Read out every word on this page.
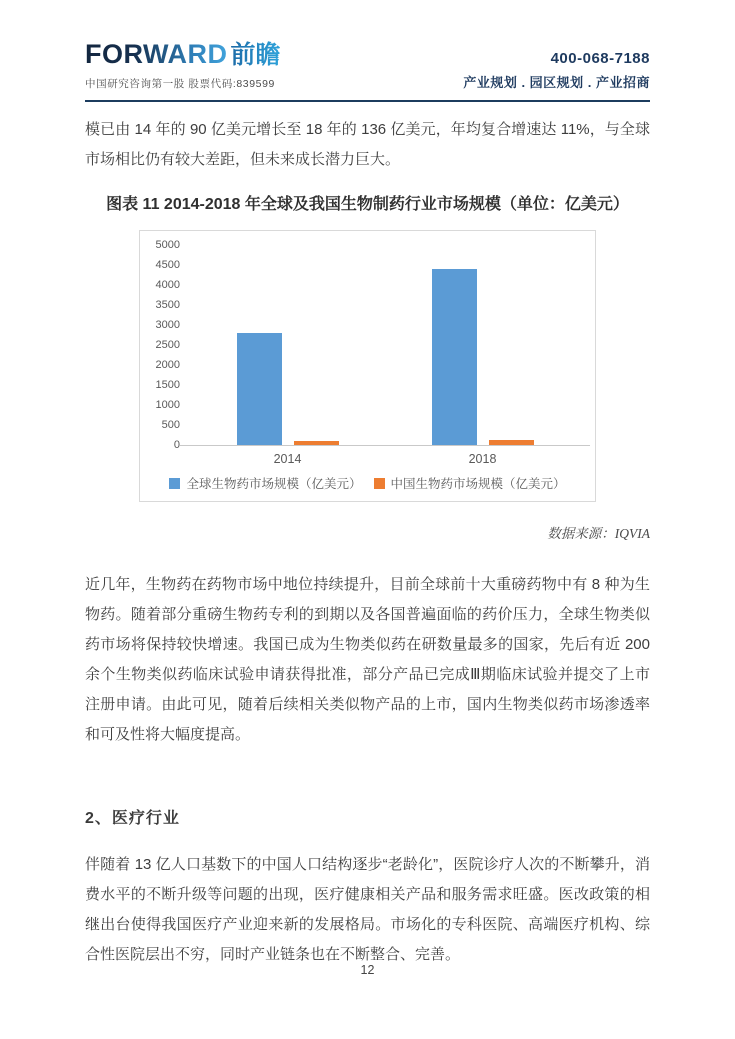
FORWARD 前瞻
中国研究咨询第一股 股票代码:839599
400-068-7188
产业规划 . 园区规划 . 产业招商

模已由 14 年的 90 亿美元增长至 18 年的 136 亿美元，年均复合增速达 11%，与全球市场相比仍有较大差距，但未来成长潜力巨大。

图表 11 2014-2018 年全球及我国生物制药行业市场规模（单位：亿美元）
0
500
1000
1500
2000
2500
3000
3500
4000
4500
5000
2014	2018
全球生物药市场规模（亿美元） 中国生物药市场规模（亿美元）
数据来源：IQVIA

近几年，生物药在药物市场中地位持续提升，目前全球前十大重磅药物中有 8 种为生物药。随着部分重磅生物药专利的到期以及各国普遍面临的药价压力，全球生物类似药市场将保持较快增速。我国已成为生物类似药在研数量最多的国家，先后有近 200 余个生物类似药临床试验申请获得批准，部分产品已完成Ⅲ期临床试验并提交了上市注册申请。由此可见，随着后续相关类似物产品的上市，国内生物类似药市场渗透率和可及性将大幅度提高。

2、医疗行业

伴随着 13 亿人口基数下的中国人口结构逐步“老龄化”，医院诊疗人次的不断攀升，消费水平的不断升级等问题的出现，医疗健康相关产品和服务需求旺盛。医改政策的相继出台使得我国医疗产业迎来新的发展格局。市场化的专科医院、高端医疗机构、综合性医院层出不穷，同时产业链条也在不断整合、完善。

12
